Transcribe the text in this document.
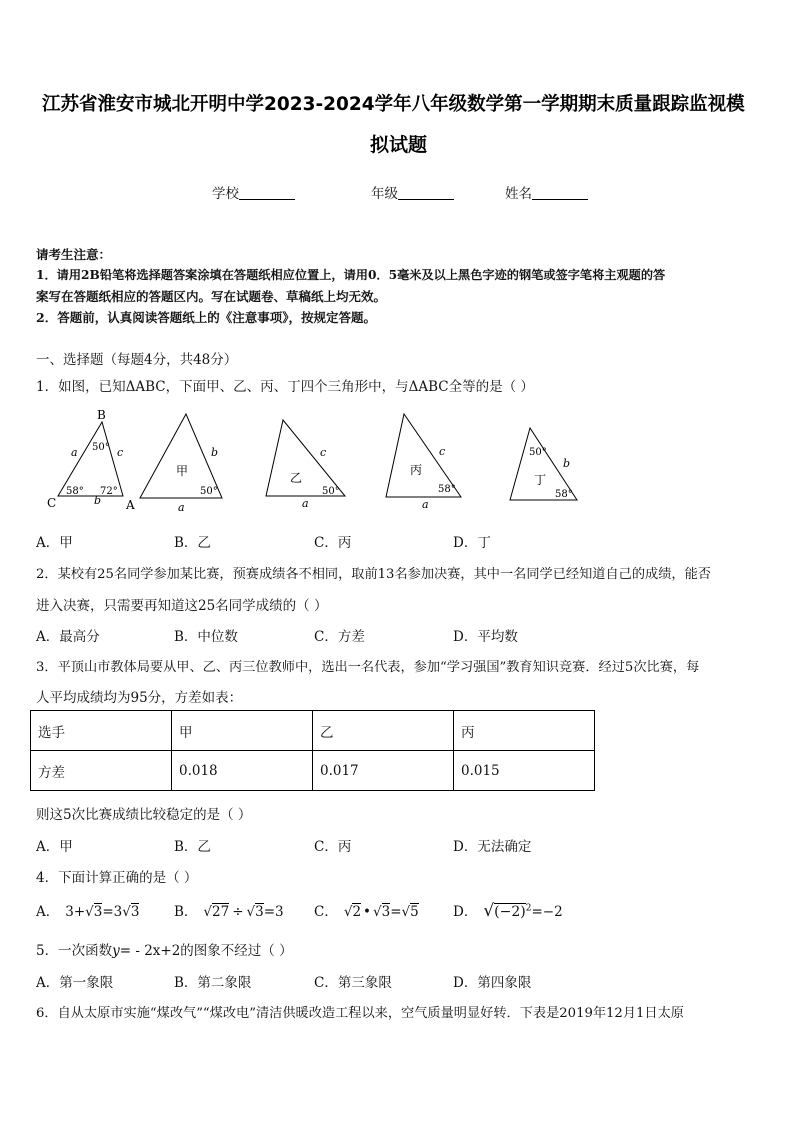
江苏省淮安市城北开明中学2023-2024学年八年级数学第一学期期末质量跟踪监视模
拟试题
学校	年级	姓名
请考生注意：
1．请用2B铅笔将选择题答案涂填在答题纸相应位置上，请用0．5毫米及以上黑色字迹的钢笔或签字笔将主观题的答
案写在答题纸相应的答题区内。写在试题卷、草稿纸上均无效。
2．答题前，认真阅读答题纸上的《注意事项》，按规定答题。
一、选择题（每题4分，共48分）
1．如图，已知ΔABC，下面甲、乙、丙、丁四个三角形中，与ΔABC全等的是（ ）
B
C	A
a	c
b
50°
58° 72°
甲
b
a
50°
乙
c
a
50°
丙
c
a
58°
丁
b
50°
58°
A．甲	B．乙	C．丙	D．丁
2．某校有25名同学参加某比赛，预赛成绩各不相同，取前13名参加决赛，其中一名同学已经知道自己的成绩，能否
进入决赛，只需要再知道这25名同学成绩的（ ）
A．最高分	B．中位数	C．方差	D．平均数
3．平顶山市教体局要从甲、乙、丙三位教师中，选出一名代表，参加“学习强国”教育知识竞赛．经过5次比赛，每
人平均成绩均为95分，方差如表：
选手	甲	乙	丙
方差	0.018	0.017	0.015
则这5次比赛成绩比较稳定的是（ ）
A．甲	B．乙	C．丙	D．无法确定
4．下面计算正确的是（ ）
A． 3+√3=3√3	B． √27 ÷ √3=3 C． √2 • √3=√5	D． $√(-2)^2=-2$
5．一次函数y= - 2x+2的图象不经过（ ）
A．第一象限	B．第二象限	C．第三象限	D．第四象限
6．自从太原市实施“煤改气”“煤改电”清洁供暖改造工程以来，空气质量明显好转．下表是2019年12月1日太原
